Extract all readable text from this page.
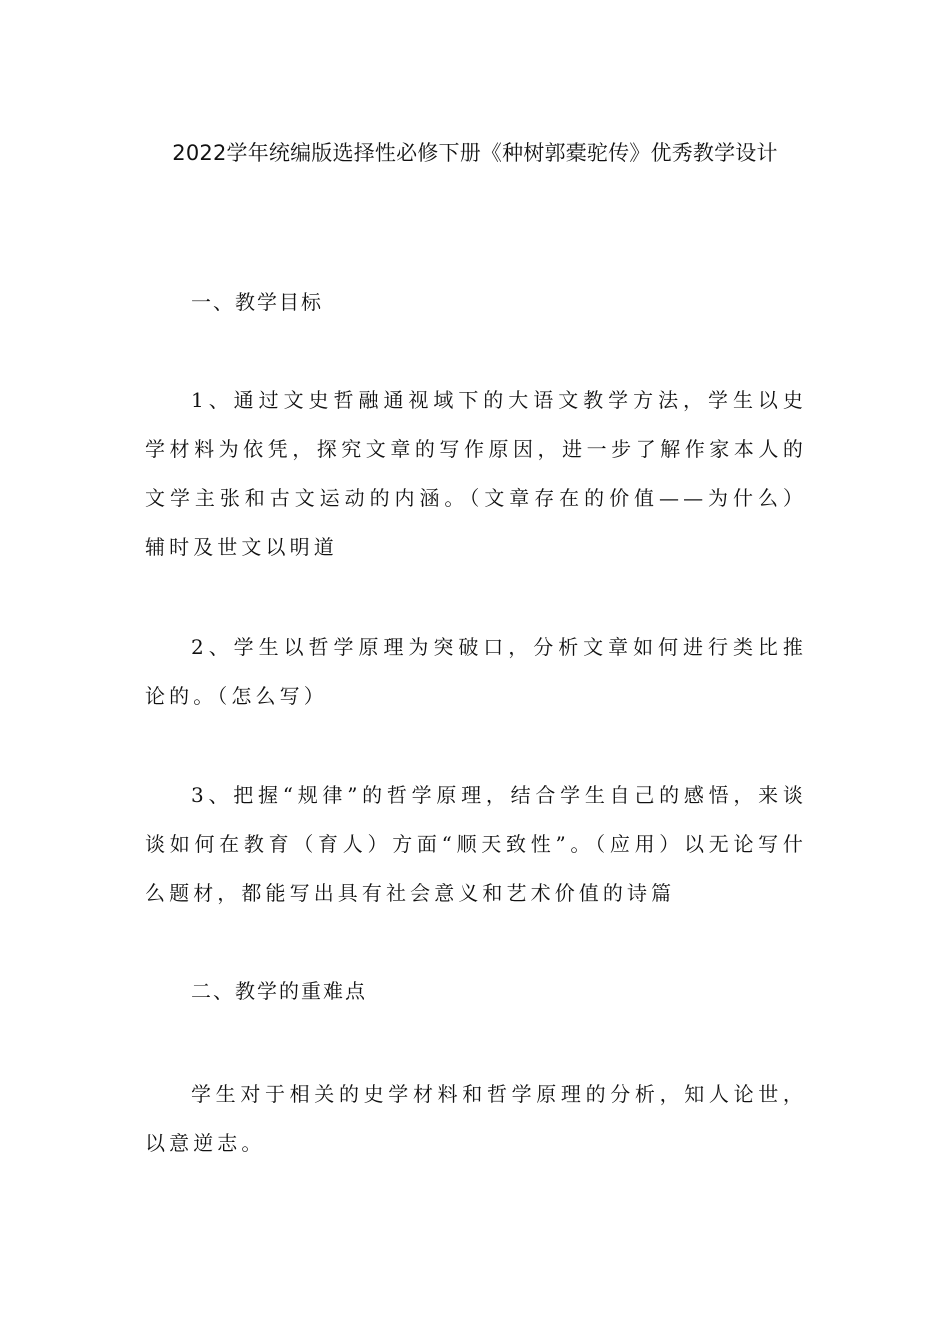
2022学年统编版选择性必修下册《种树郭橐驼传》优秀教学设计

一、教学目标

1、通过文史哲融通视域下的大语文教学方法，学生以史学材料为依凭，探究文章的写作原因，进一步了解作家本人的文学主张和古文运动的内涵。（文章存在的价值——为什么）辅时及世文以明道

2、学生以哲学原理为突破口，分析文章如何进行类比推论的。（怎么写）

3、把握“规律”的哲学原理，结合学生自己的感悟，来谈谈如何在教育（育人）方面“顺天致性”。（应用）以无论写什么题材，都能写出具有社会意义和艺术价值的诗篇

二、教学的重难点

学生对于相关的史学材料和哲学原理的分析，知人论世，以意逆志。
